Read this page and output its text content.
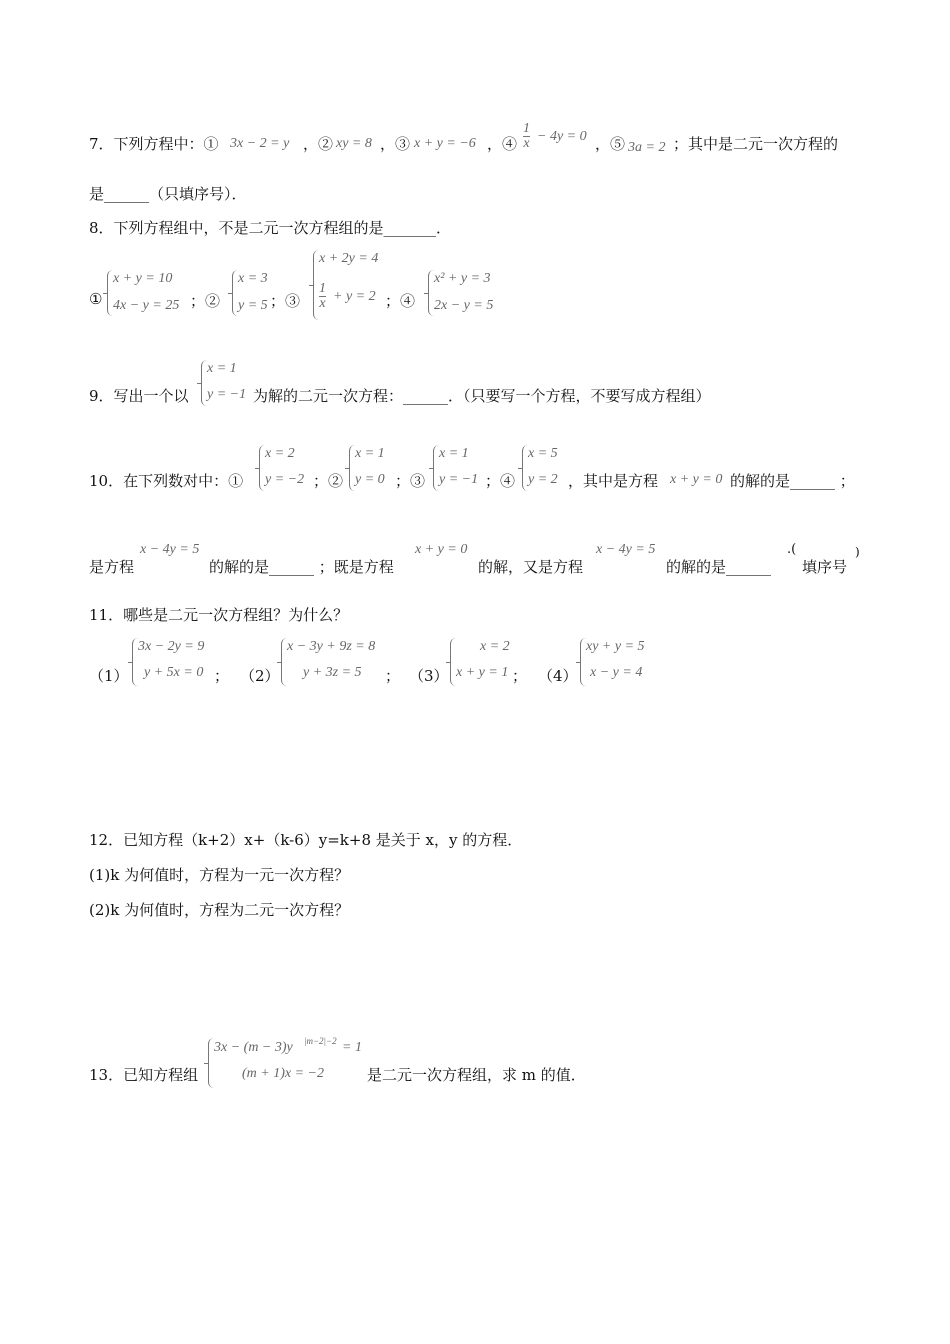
7．下列方程中：① 3x − 2 = y ，② xy = 8 ，③ x + y = −6 ，④ $\frac{1}{x} - 4y = 0$ ，⑤ 3a = 2 ；其中是二元一次方程的
是______（只填序号）．
8．下列方程组中，不是二元一次方程组的是_______．
①
x + y = 10
4x − y = 25 ；②
x = 3
y = 5 ；③
x + 2y = 4
$\frac{1}{x} + y = 2$ ；④
x² + y = 3
2x − y = 5
9．写出一个以
x = 1
y = −1 为解的二元一次方程：______．（只要写一个方程，不要写成方程组）
10．在下列数对中：①
x = 2
y = −2 ；②
x = 1
y = 0 ；③
x = 1
y = −1 ；④
x = 5
y = 2 ，其中是方程 x + y = 0 的解的是______ ；
是方程
x − 4y = 5
的解的是______ ；既是方程
x + y = 0
的解，又是方程
x − 4y = 5
的解的是______
.(
填序号
)
11．哪些是二元一次方程组？为什么？
（1）
3x − 2y = 9
y + 5x = 0 ； （2）
x − 3y + 9z = 8
y + 3z = 5 ； （3）
x = 2
x + y = 1 ； （4）
xy + y = 5
x − y = 4
12．已知方程（k+2）x+（k-6）y=k+8 是关于 x，y 的方程．
(1)k 为何值时，方程为一元一次方程？
(2)k 为何值时，方程为二元一次方程？
13．已知方程组
3x − (m − 3)y |m−2|−2 = 1
(m + 1)x = −2	是二元一次方程组，求 m 的值．
